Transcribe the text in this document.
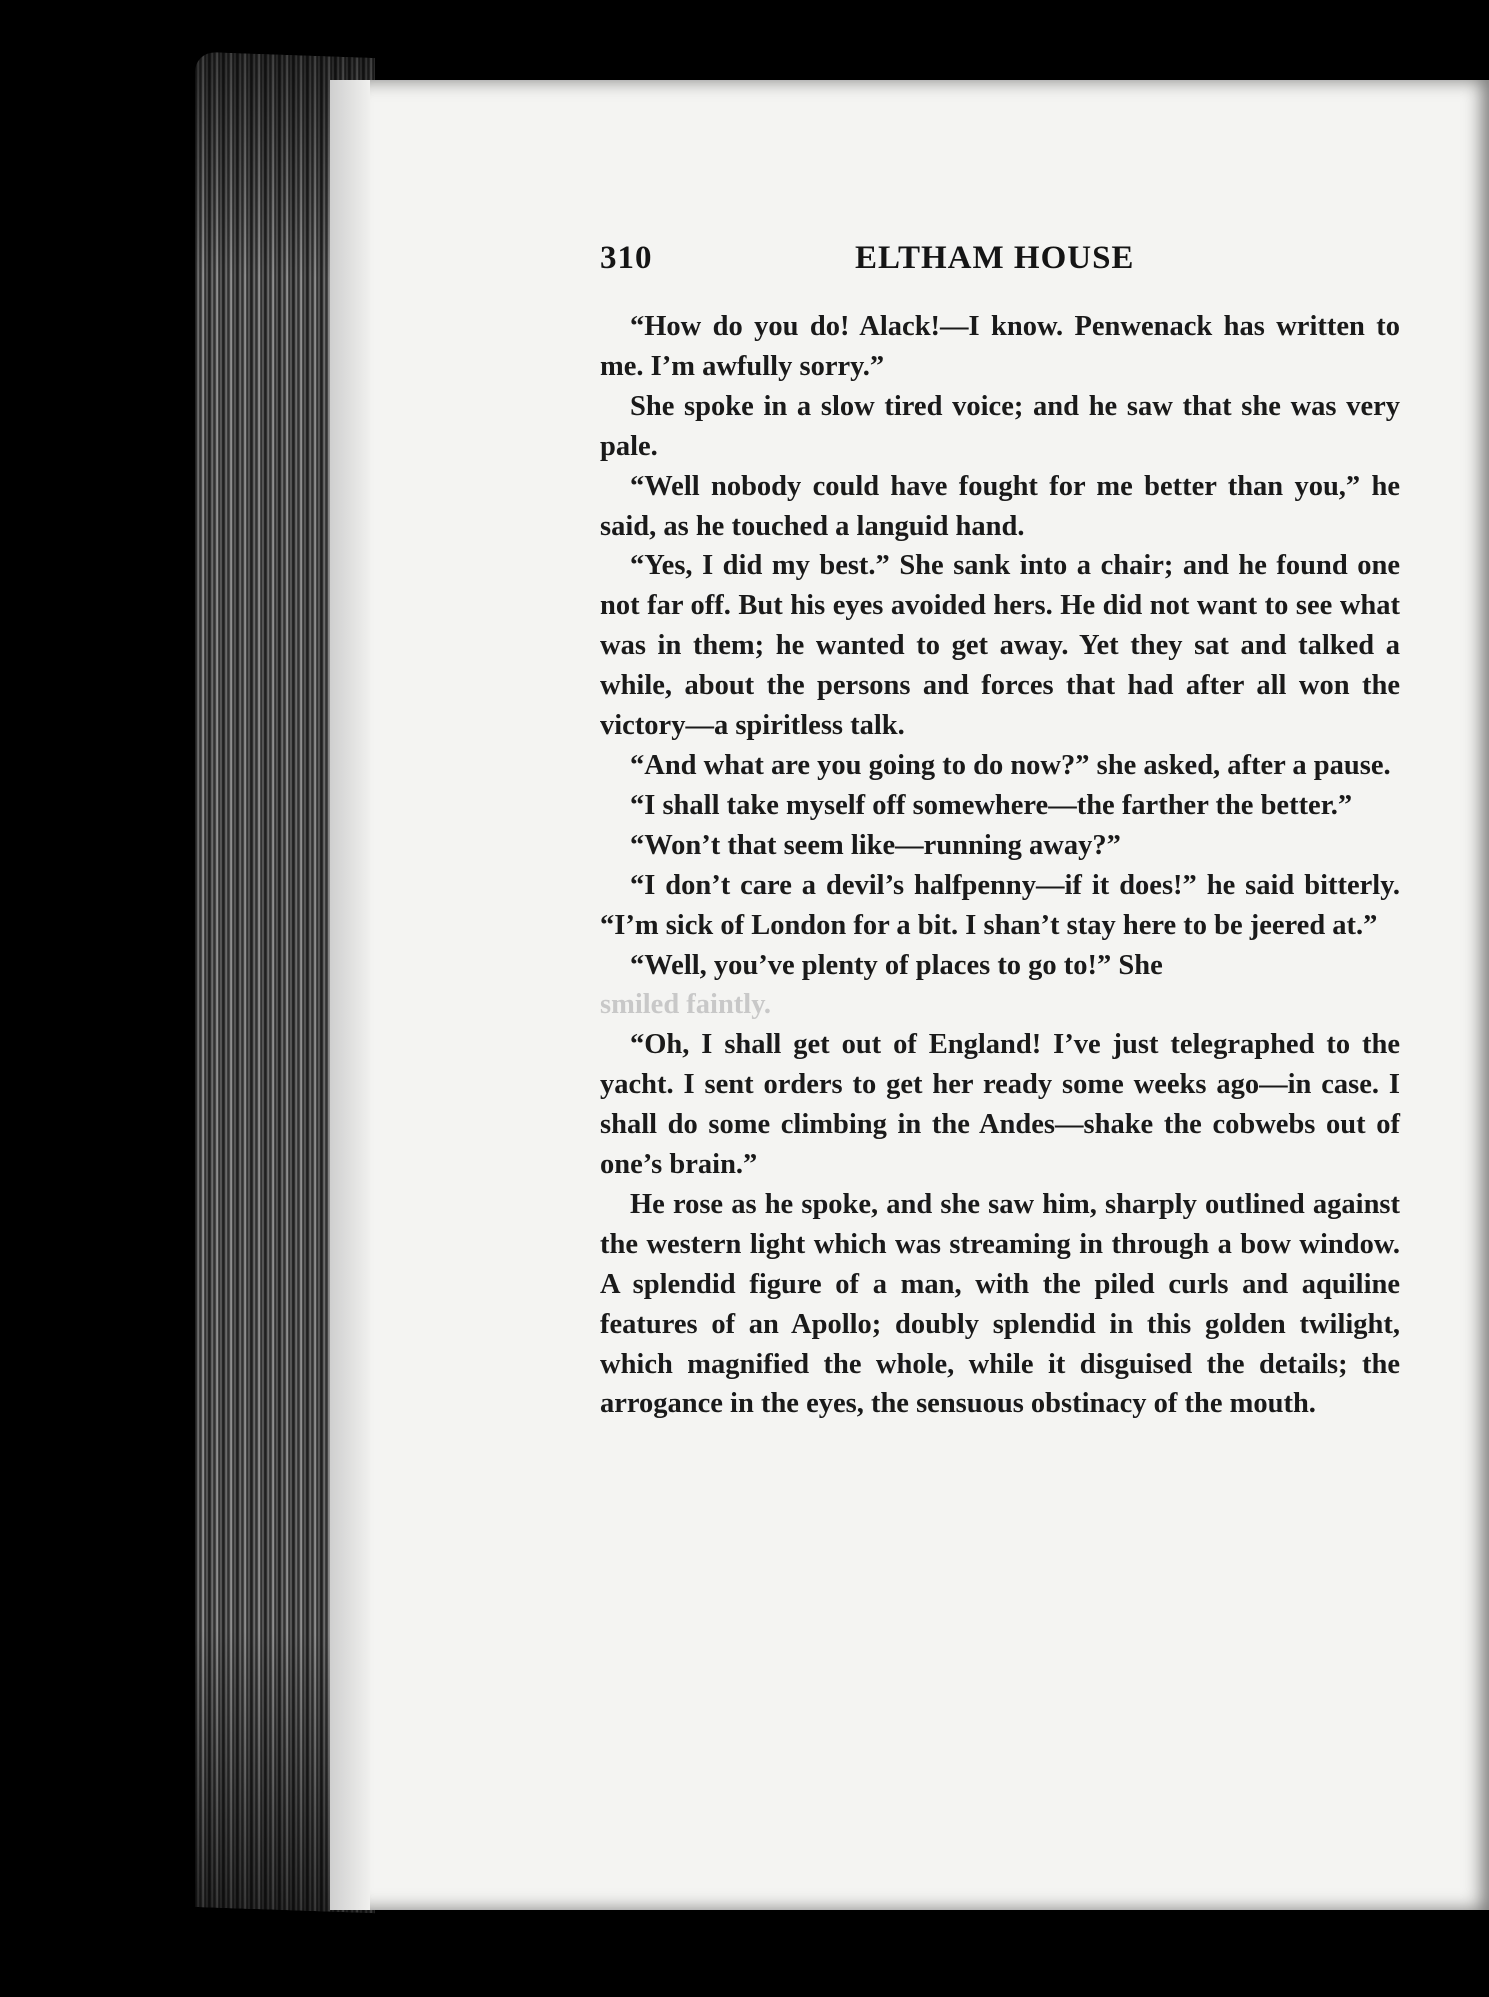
310	ELTHAM HOUSE

“How do you do! Alack!—I know. Penwenack has written to me. I’m awfully sorry.”

She spoke in a slow tired voice; and he saw that she was very pale.

“Well nobody could have fought for me better than you,” he said, as he touched a languid hand.

“Yes, I did my best.” She sank into a chair; and he found one not far off. But his eyes avoided hers. He did not want to see what was in them; he wanted to get away. Yet they sat and talked a while, about the persons and forces that had after all won the victory—a spiritless talk.

“And what are you going to do now?” she asked, after a pause.

“I shall take myself off somewhere—the farther the better.”

“Won’t that seem like—running away?”

“I don’t care a devil’s halfpenny—if it does!” he said bitterly. “I’m sick of London for a bit. I shan’t stay here to be jeered at.”

“Well, you’ve plenty of places to go to!” She
smiled faintly.

“Oh, I shall get out of England! I’ve just telegraphed to the yacht. I sent orders to get her ready some weeks ago—in case. I shall do some climbing in the Andes—shake the cobwebs out of one’s brain.”

He rose as he spoke, and she saw him, sharply outlined against the western light which was streaming in through a bow window. A splendid figure of a man, with the piled curls and aquiline features of an Apollo; doubly splendid in this golden twilight, which magnified the whole, while it disguised the details; the arrogance in the eyes, the sensuous obstinacy of the mouth.
